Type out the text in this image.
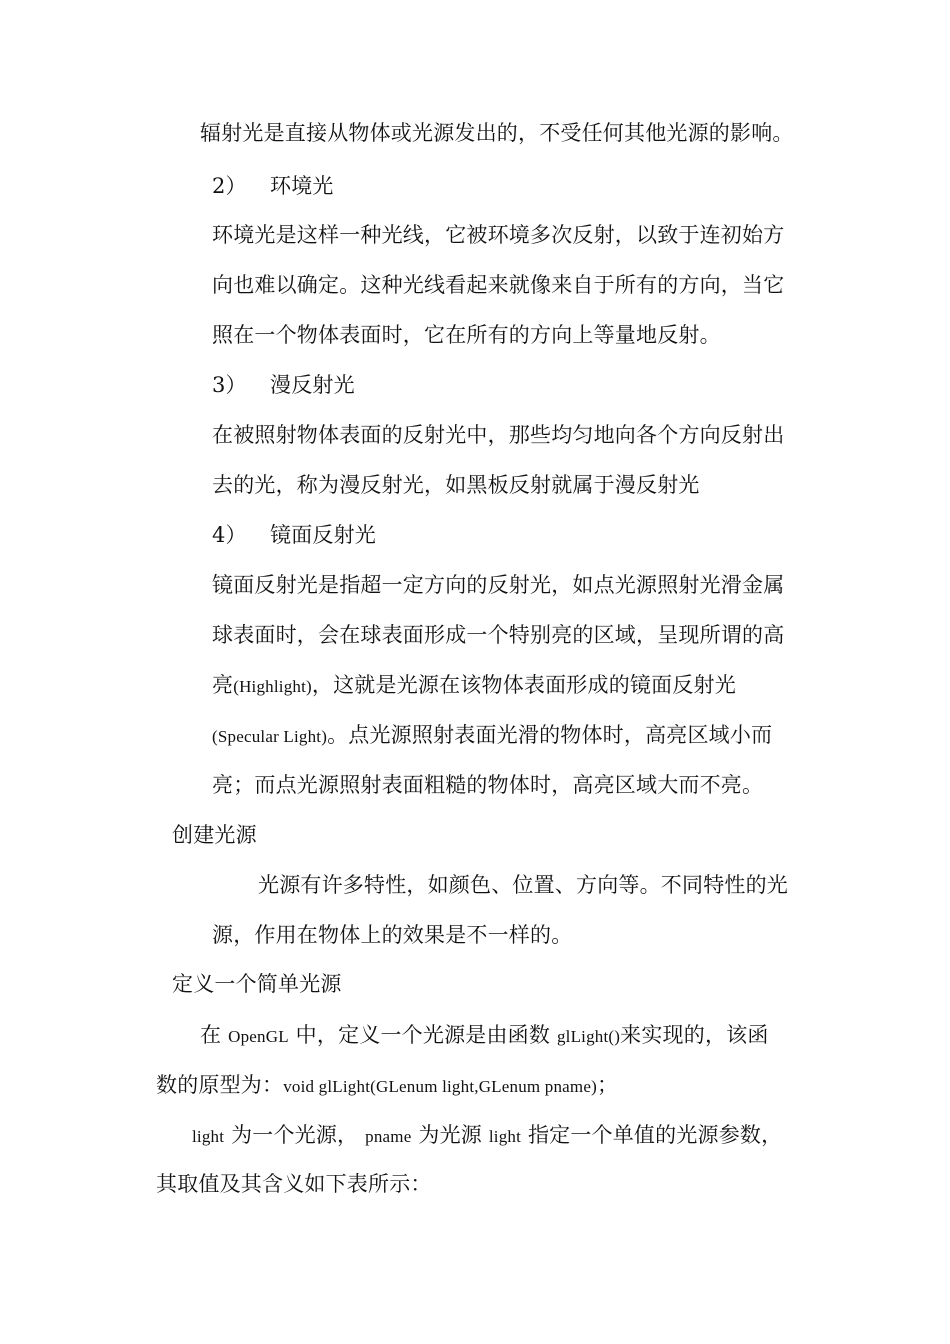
辐射光是直接从物体或光源发出的，不受任何其他光源的影响。
2） 环境光
环境光是这样一种光线，它被环境多次反射，以致于连初始方
向也难以确定。这种光线看起来就像来自于所有的方向，当它
照在一个物体表面时，它在所有的方向上等量地反射。
3） 漫反射光
在被照射物体表面的反射光中，那些均匀地向各个方向反射出
去的光，称为漫反射光，如黑板反射就属于漫反射光
4） 镜面反射光
镜面反射光是指超一定方向的反射光，如点光源照射光滑金属
球表面时，会在球表面形成一个特别亮的区域，呈现所谓的高
亮(Highlight)，这就是光源在该物体表面形成的镜面反射光
(Specular Light)。点光源照射表面光滑的物体时，高亮区域小而
亮；而点光源照射表面粗糙的物体时，高亮区域大而不亮。
创建光源
光源有许多特性，如颜色、位置、方向等。不同特性的光
源，作用在物体上的效果是不一样的。
定义一个简单光源
在 OpenGL 中，定义一个光源是由函数 glLight()来实现的，该函
数的原型为：void glLight(GLenum light,GLenum pname)；
light 为一个光源， pname 为光源 light 指定一个单值的光源参数，
其取值及其含义如下表所示：
